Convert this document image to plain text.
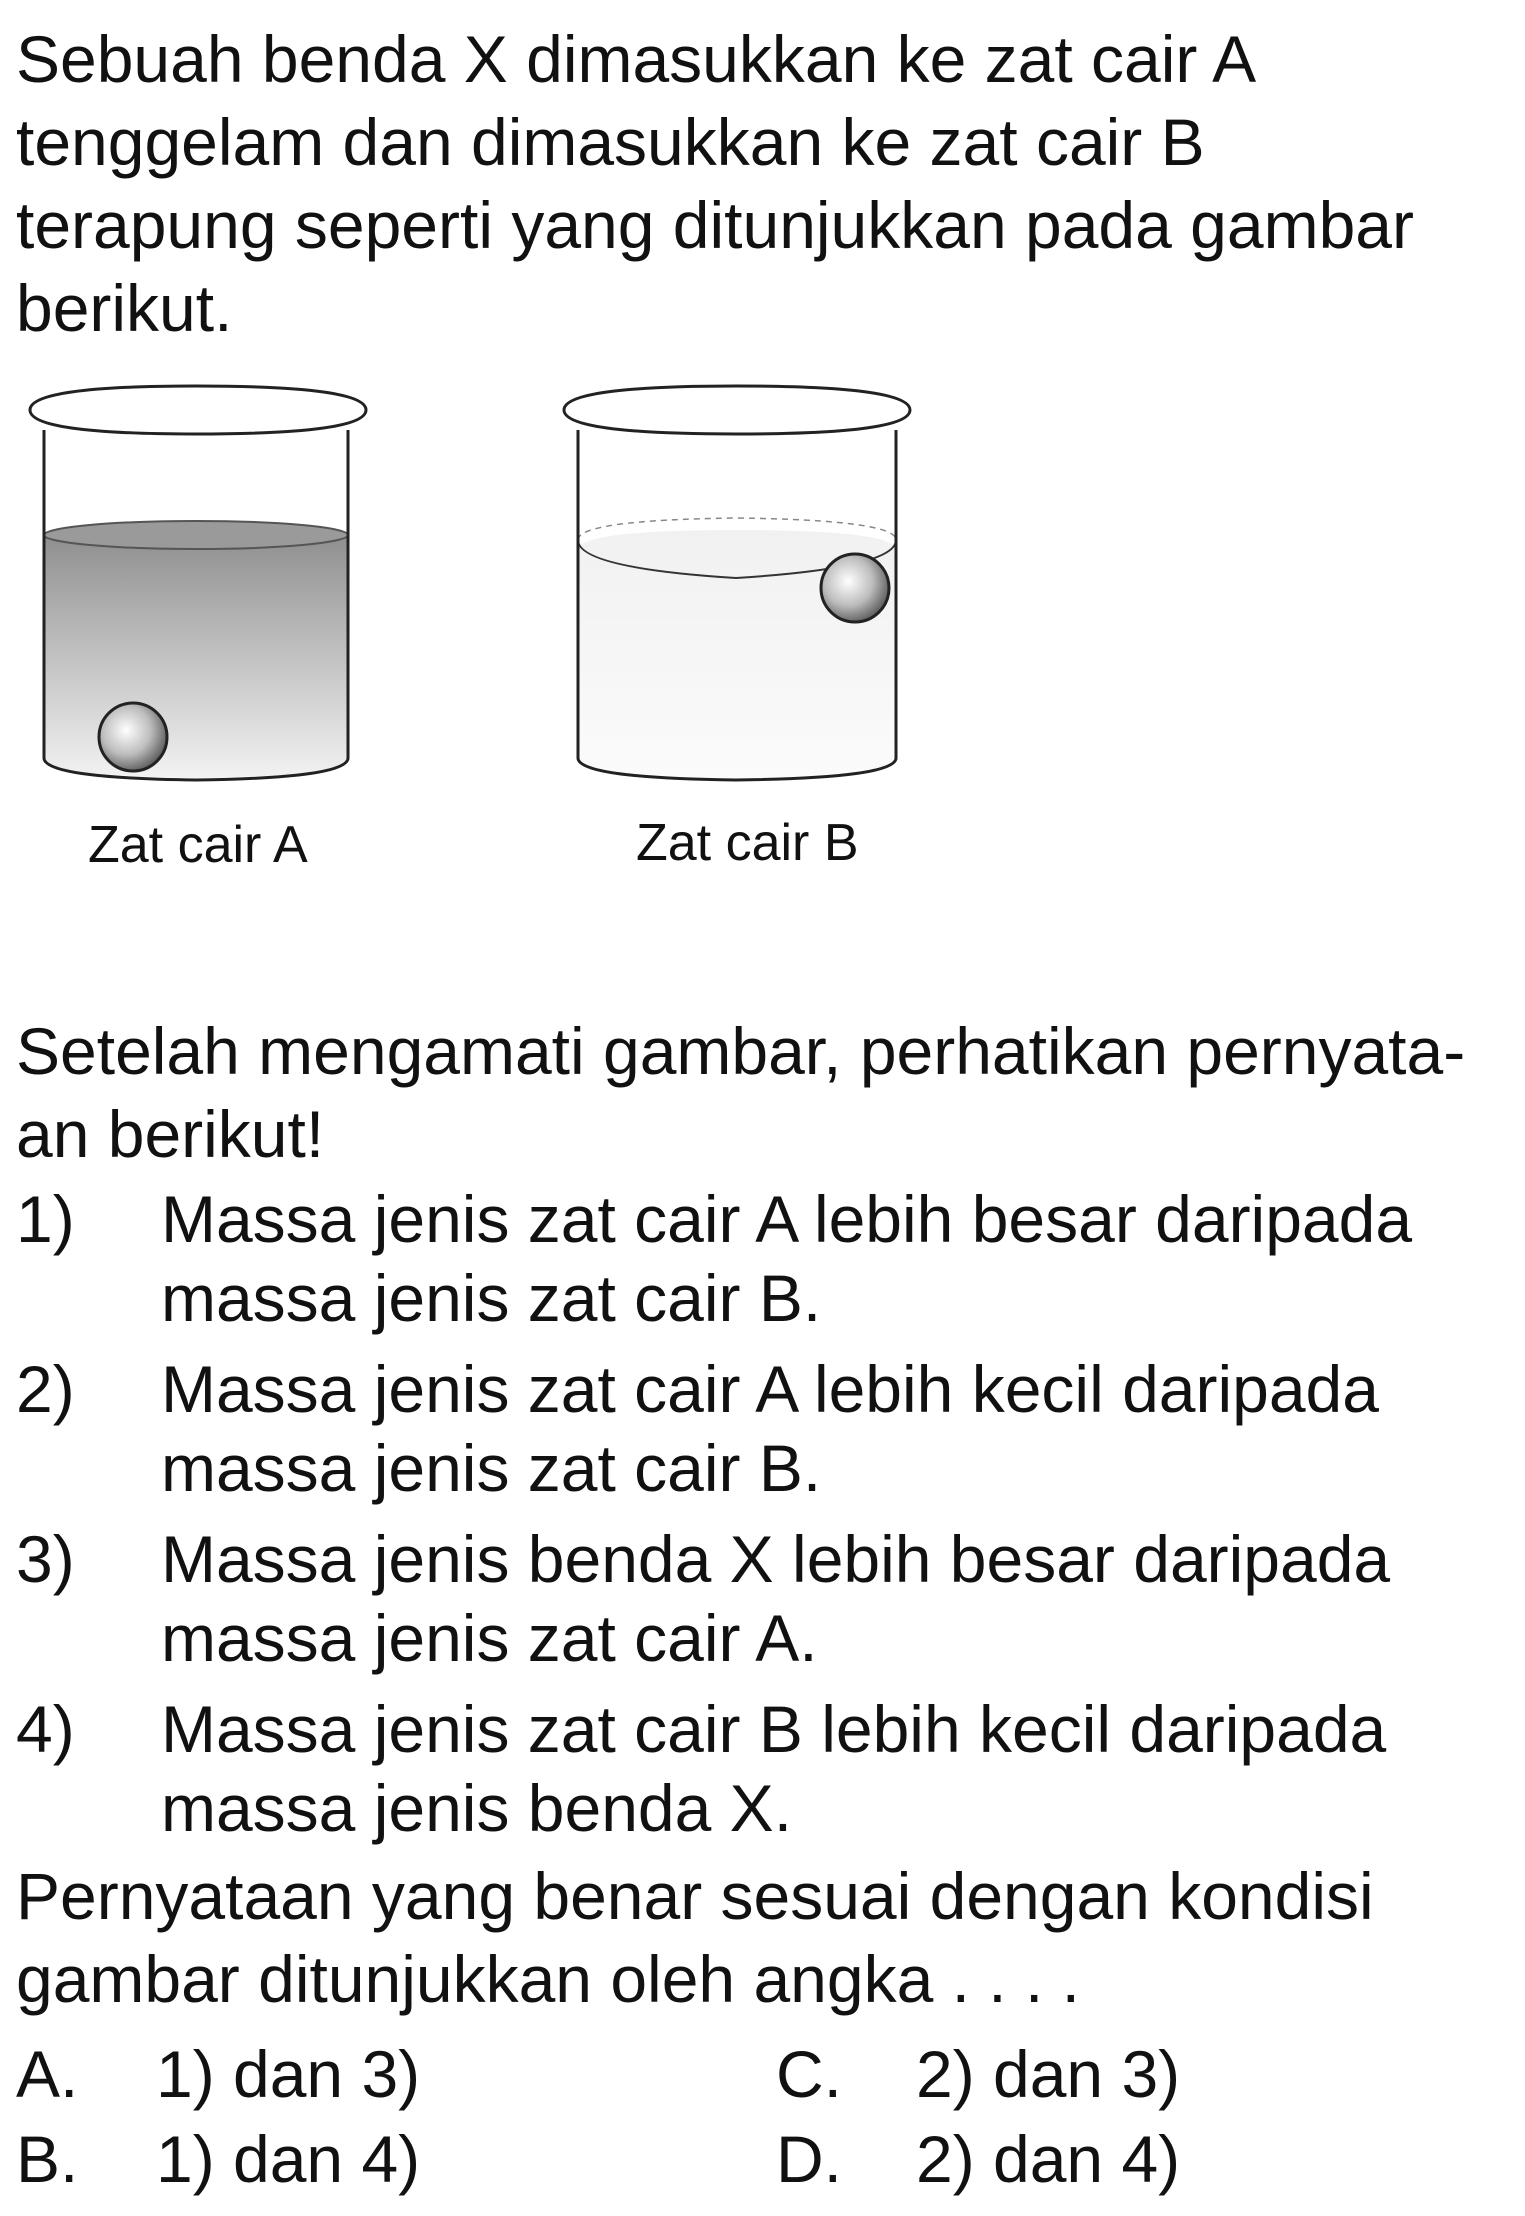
Sebuah benda X dimasukkan ke zat cair A
tenggelam dan dimasukkan ke zat cair B
terapung seperti yang ditunjukkan pada gambar
berikut.
Zat cair A	Zat cair B
Setelah mengamati gambar, perhatikan pernyata-
an berikut!
1) Massa jenis zat cair A lebih besar daripada
massa jenis zat cair B.
2) Massa jenis zat cair A lebih kecil daripada
massa jenis zat cair B.
3) Massa jenis benda X lebih besar daripada
massa jenis zat cair A.
4) Massa jenis zat cair B lebih kecil daripada
massa jenis benda X.
Pernyataan yang benar sesuai dengan kondisi
gambar ditunjukkan oleh angka . . . .
A. 1) dan 3)
B. 1) dan 4)
C. 2) dan 3)
D. 2) dan 4)
